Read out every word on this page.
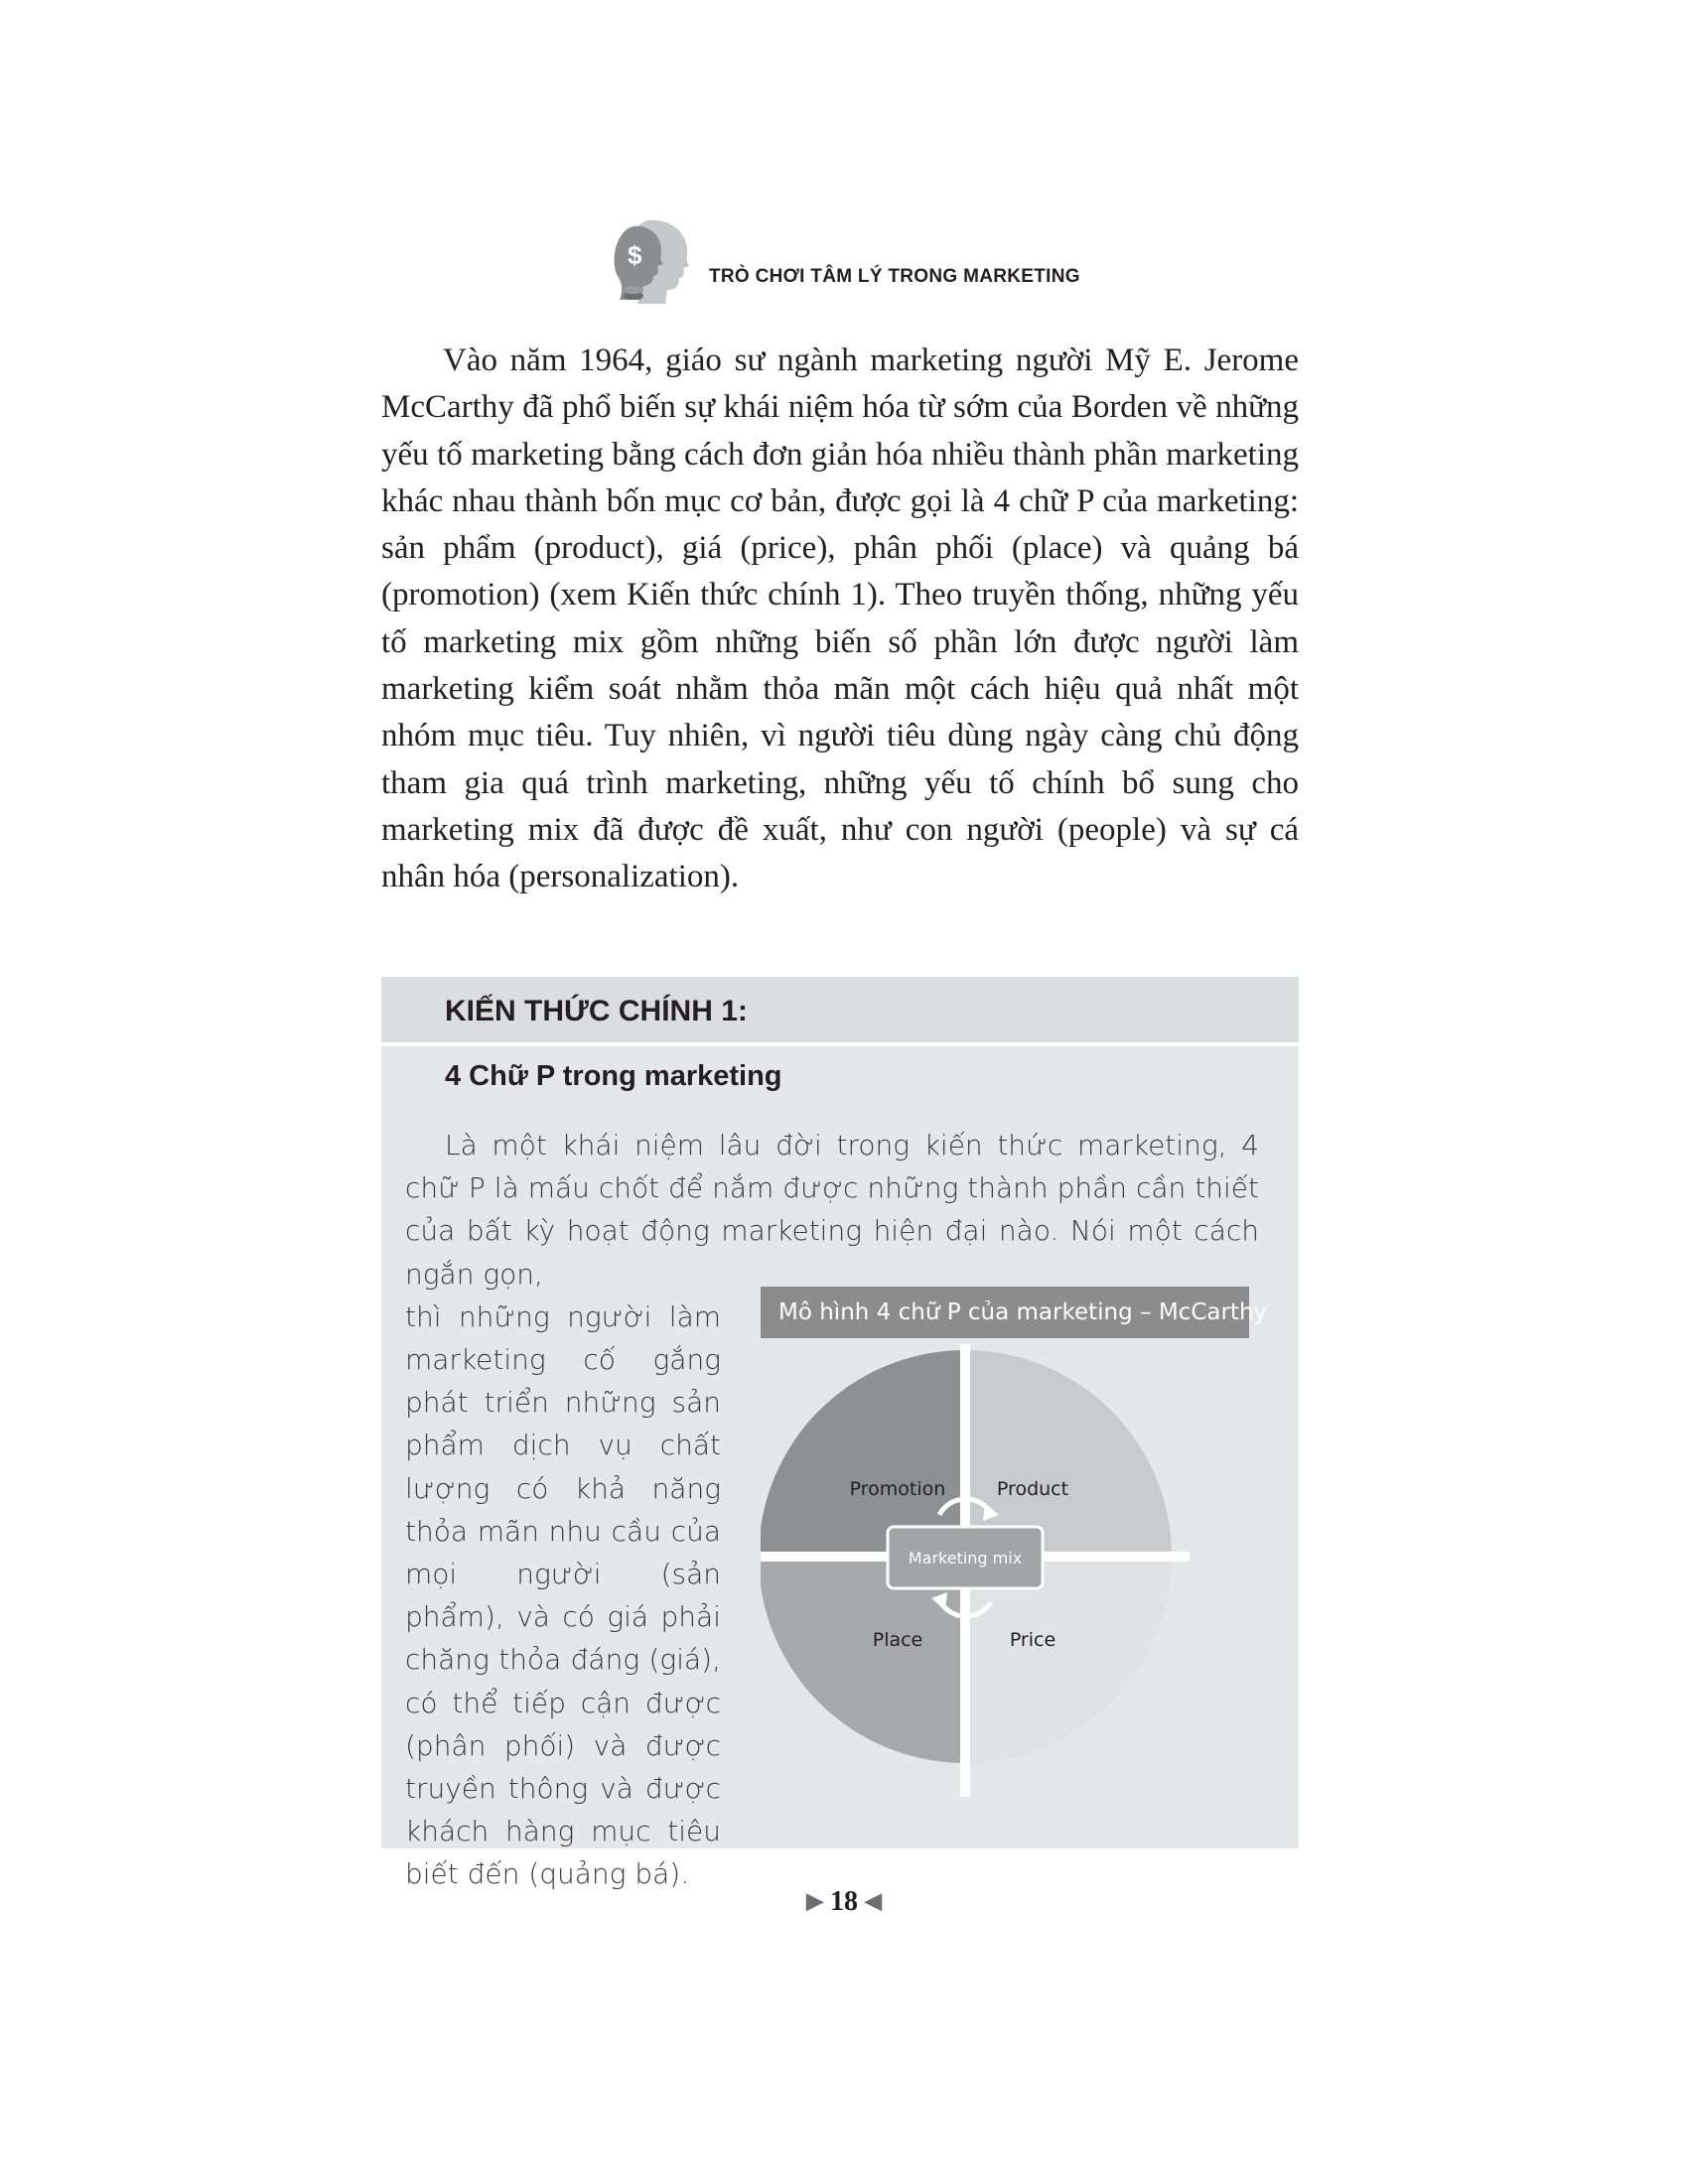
$
TRÒ CHƠI TÂM LÝ TRONG MARKETING

Vào năm 1964, giáo sư ngành marketing người Mỹ E. Jerome McCarthy đã phổ biến sự khái niệm hóa từ sớm của Borden về những yếu tố marketing bằng cách đơn giản hóa nhiều thành phần marketing khác nhau thành bốn mục cơ bản, được gọi là 4 chữ P của marketing: sản phẩm (product), giá (price), phân phối (place) và quảng bá (promotion) (xem Kiến thức chính 1). Theo truyền thống, những yếu tố marketing mix gồm những biến số phần lớn được người làm marketing kiểm soát nhằm thỏa mãn một cách hiệu quả nhất một nhóm mục tiêu. Tuy nhiên, vì người tiêu dùng ngày càng chủ động tham gia quá trình marketing, những yếu tố chính bổ sung cho marketing mix đã được đề xuất, như con người (people) và sự cá nhân hóa (personalization).

KIẾN THỨC CHÍNH 1:
4 Chữ P trong marketing

Là một khái niệm lâu đời trong kiến thức marketing, 4 chữ P là mấu chốt để nắm được những thành phần cần thiết của bất kỳ hoạt động marketing hiện đại nào. Nói một cách ngắn gọn,

thì những người làm marketing cố gắng phát triển những sản phẩm dịch vụ chất lượng có khả năng thỏa mãn nhu cầu của mọi người (sản phẩm), và có giá phải chăng thỏa đáng (giá), có thể tiếp cận được (phân phối) và được truyền thông và được khách hàng mục tiêu biết đến (quảng bá).

Mô hình 4 chữ P của marketing – McCarthy
Marketing mix
Promotion	Product
Place	Price
▶ 18 ◀
